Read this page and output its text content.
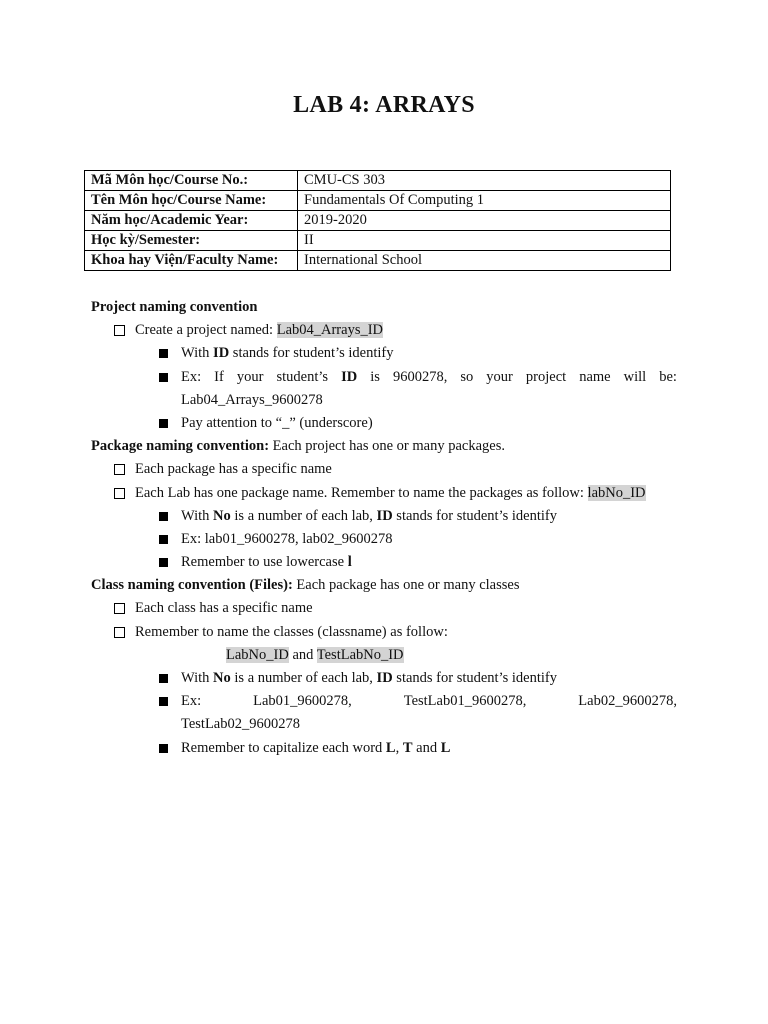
LAB 4: ARRAYS
Mã Môn học/Course No.:	CMU-CS 303
Tên Môn học/Course Name:	Fundamentals Of Computing 1
Năm học/Academic Year:	2019-2020
Học kỳ/Semester:	II
Khoa hay Viện/Faculty Name:	International School
Project naming convention
Create a project named: Lab04_Arrays_ID
With ID stands for student’s identify
Ex: If your student’s ID is 9600278, so your project name will be:
Lab04_Arrays_9600278
Pay attention to “_” (underscore)
Package naming convention: Each project has one or many packages.
Each package has a specific name
Each Lab has one package name. Remember to name the packages as follow: labNo_ID
With No is a number of each lab, ID stands for student’s identify
Ex: lab01_9600278, lab02_9600278
Remember to use lowercase l
Class naming convention (Files): Each package has one or many classes
Each class has a specific name
Remember to name the classes (classname) as follow:
LabNo_ID and TestLabNo_ID
With No is a number of each lab, ID stands for student’s identify
Ex:	Lab01_9600278,	TestLab01_9600278,	Lab02_9600278,
TestLab02_9600278
Remember to capitalize each word L, T and L
